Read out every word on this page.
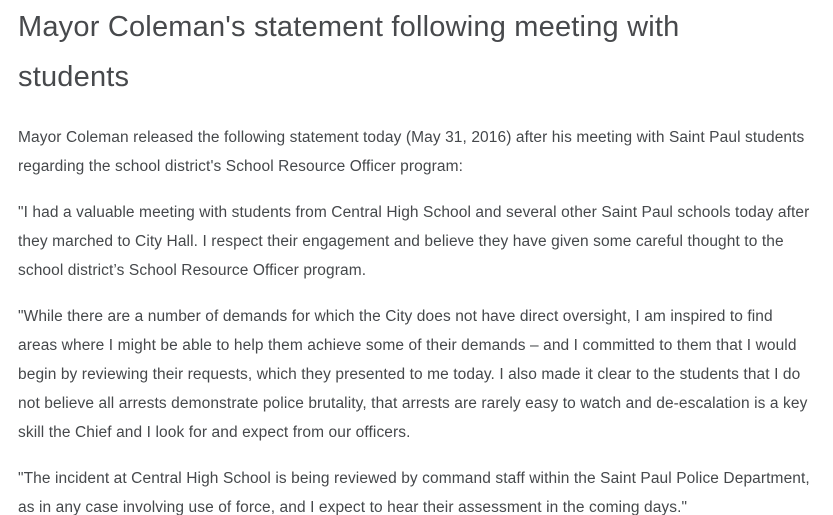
Mayor Coleman's statement following meeting with students

Mayor Coleman released the following statement today (May 31, 2016) after his meeting with Saint Paul students regarding the school district's School Resource Officer program:

"I had a valuable meeting with students from Central High School and several other Saint Paul schools today after they marched to City Hall. I respect their engagement and believe they have given some careful thought to the school district’s School Resource Officer program.

"While there are a number of demands for which the City does not have direct oversight, I am inspired to find areas where I might be able to help them achieve some of their demands – and I committed to them that I would begin by reviewing their requests, which they presented to me today. I also made it clear to the students that I do not believe all arrests demonstrate police brutality, that arrests are rarely easy to watch and de-escalation is a key skill the Chief and I look for and expect from our officers.

"The incident at Central High School is being reviewed by command staff within the Saint Paul Police Department, as in any case involving use of force, and I expect to hear their assessment in the coming days."
